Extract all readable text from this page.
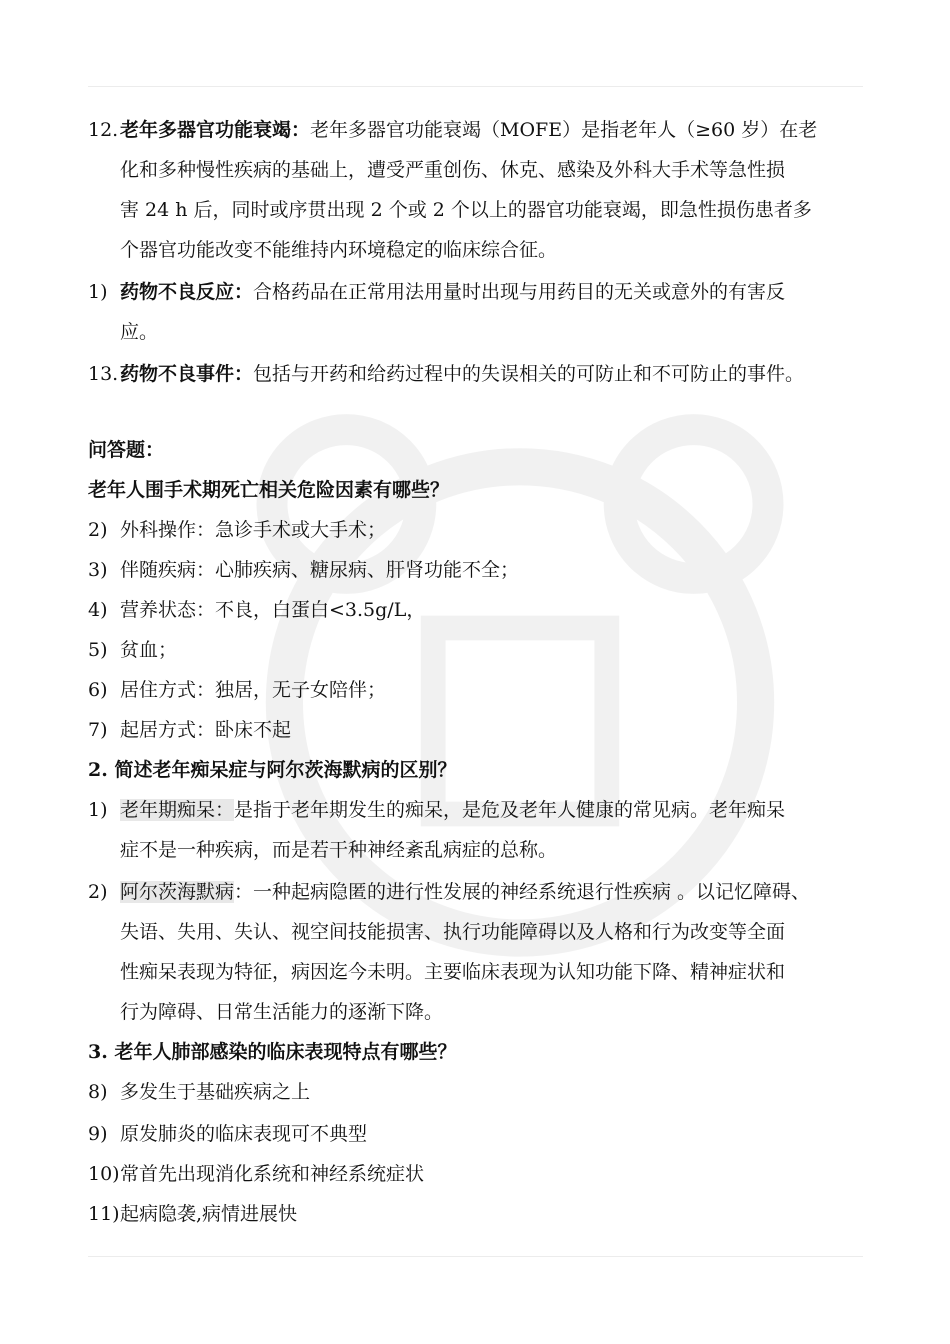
12.老年多器官功能衰竭：老年多器官功能衰竭（MOFE）是指老年人（≥60 岁）在老
化和多种慢性疾病的基础上，遭受严重创伤、休克、感染及外科大手术等急性损
害 24 h 后，同时或序贯出现 2 个或 2 个以上的器官功能衰竭，即急性损伤患者多
个器官功能改变不能维持内环境稳定的临床综合征。
1) 药物不良反应：合格药品在正常用法用量时出现与用药目的无关或意外的有害反
应。
13.药物不良事件：包括与开药和给药过程中的失误相关的可防止和不可防止的事件。
问答题：
老年人围手术期死亡相关危险因素有哪些？
2) 外科操作：急诊手术或大手术；
3) 伴随疾病：心肺疾病、糖尿病、肝肾功能不全；
4) 营养状态：不良，白蛋白<3.5g/L，
5) 贫血；
6) 居住方式：独居，无子女陪伴；
7) 起居方式：卧床不起
2. 简述老年痴呆症与阿尔茨海默病的区别？
1) 老年期痴呆：是指于老年期发生的痴呆，是危及老年人健康的常见病。老年痴呆
症不是一种疾病，而是若干种神经紊乱病症的总称。
2) 阿尔茨海默病：一种起病隐匿的进行性发展的神经系统退行性疾病 。以记忆障碍、
失语、失用、失认、视空间技能损害、执行功能障碍以及人格和行为改变等全面
性痴呆表现为特征，病因迄今未明。主要临床表现为认知功能下降、精神症状和
行为障碍、日常生活能力的逐渐下降。
3. 老年人肺部感染的临床表现特点有哪些？
8) 多发生于基础疾病之上
9) 原发肺炎的临床表现可不典型
10)常首先出现消化系统和神经系统症状
11)起病隐袭,病情进展快
